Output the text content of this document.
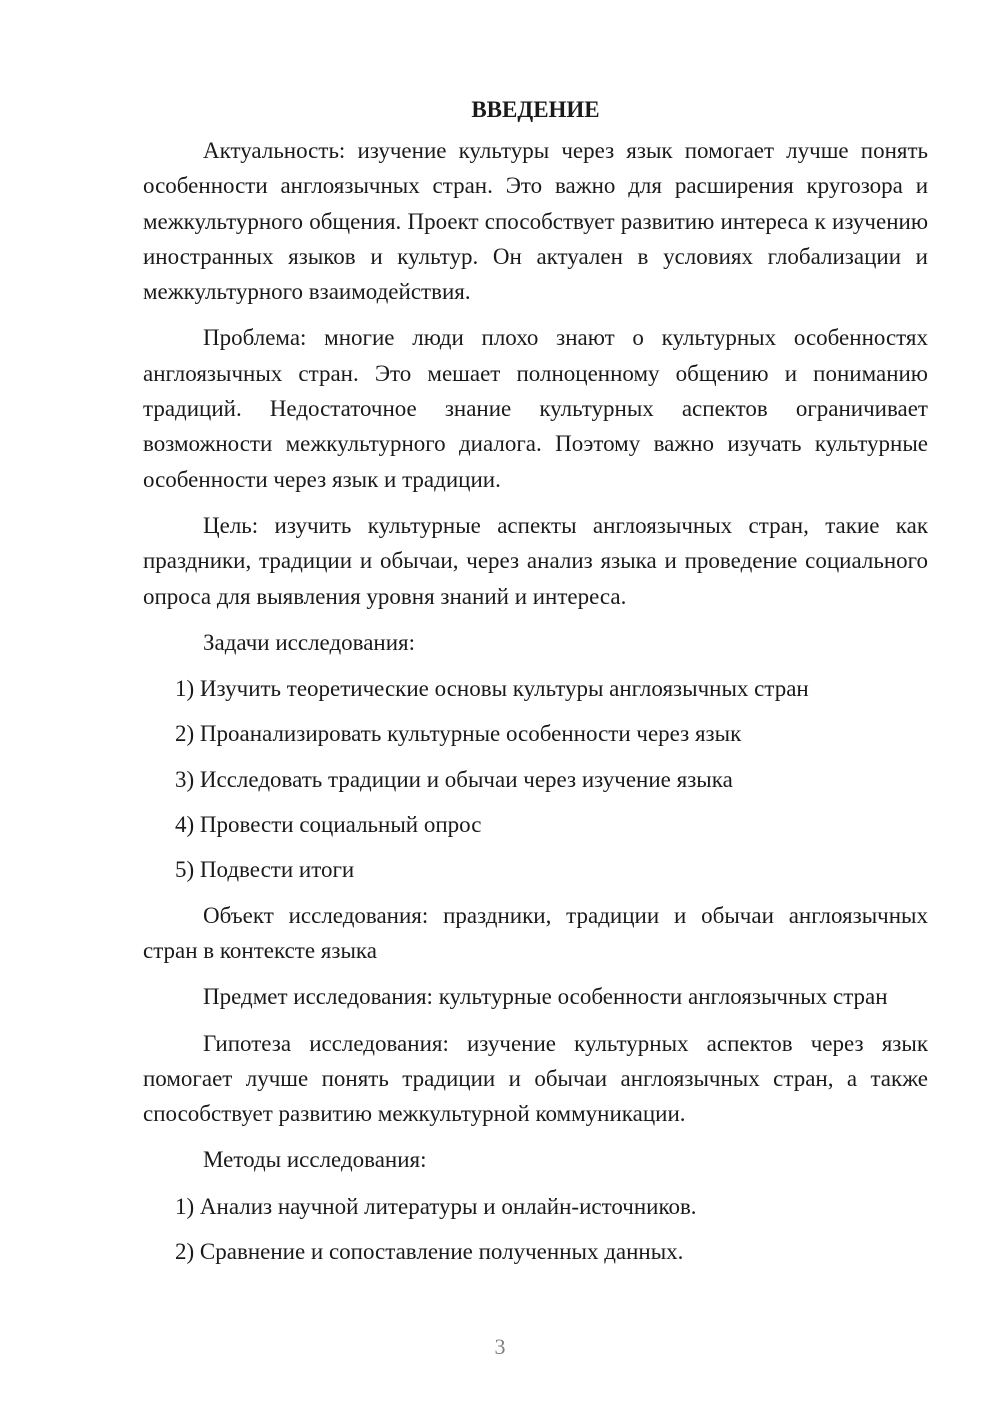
ВВЕДЕНИЕ
Актуальность: изучение культуры через язык помогает лучше понять особенности англоязычных стран. Это важно для расширения кругозора и межкультурного общения. Проект способствует развитию интереса к изучению иностранных языков и культур. Он актуален в условиях глобализации и межкультурного взаимодействия.
Проблема: многие люди плохо знают о культурных особенностях англоязычных стран. Это мешает полноценному общению и пониманию традиций. Недостаточное знание культурных аспектов ограничивает возможности межкультурного диалога. Поэтому важно изучать культурные особенности через язык и традиции.
Цель: изучить культурные аспекты англоязычных стран, такие как праздники, традиции и обычаи, через анализ языка и проведение социального опроса для выявления уровня знаний и интереса.
Задачи исследования:
1) Изучить теоретические основы культуры англоязычных стран
2) Проанализировать культурные особенности через язык
3) Исследовать традиции и обычаи через изучение языка
4) Провести социальный опрос
5) Подвести итоги
Объект исследования: праздники, традиции и обычаи англоязычных стран в контексте языка
Предмет исследования: культурные особенности англоязычных стран
Гипотеза исследования: изучение культурных аспектов через язык помогает лучше понять традиции и обычаи англоязычных стран, а также способствует развитию межкультурной коммуникации.
Методы исследования:
1) Анализ научной литературы и онлайн-источников.
2) Сравнение и сопоставление полученных данных.
3
